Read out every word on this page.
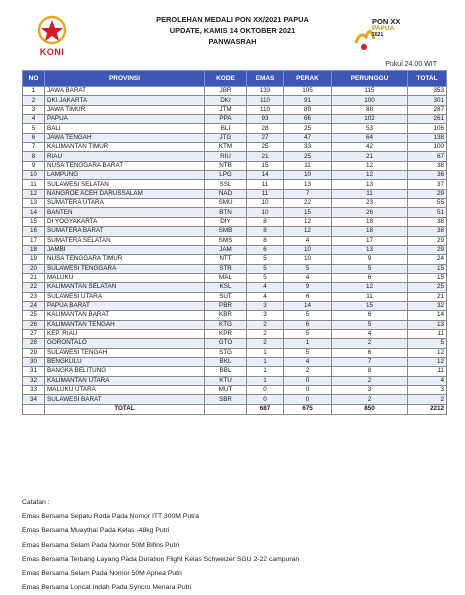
KONI
PEROLEHAN MEDALI PON XX/2021 PAPUA
UPDATE, KAMIS 14 OKTOBER 2021
PANWASRAH
PON XX
PAPUA
2021
Pukul 24.00 WIT
NO	PROVINSI	KODE	EMAS	PERAK	PERUNGGU	TOTAL
1	JAWA BARAT	JBR	133	105	115	353
2	DKI JAKARTA	DKI	110	91	100	301
3	JAWA TIMUR	JTM	110	89	88	287
4	PAPUA	PPA	93	66	102	261
5	BALI	BLI	28	25	53	106
6	JAWA TENGAH	JTG	27	47	64	138
7	KALIMANTAN TIMUR	KTM	25	33	42	100
8	RIAU	RIU	21	25	21	67
9	NUSA TENGGARA BARAT	NTB	15	11	12	38
10	LAMPUNG	LPG	14	10	12	36
11	SULAWESI SELATAN	SSL	11	13	13	37
12	NANGROE ACEH DARUSSALAM	NAD	11	7	11	29
13	SUMATERA UTARA	SMU	10	22	23	55
14	BANTEN	BTN	10	15	26	51
15	DI YOGYAKARTA	DIY	8	12	18	38
16	SUMATERA BARAT	SMB	8	12	18	38
17	SUMATERA SELATAN	SMS	8	4	17	29
18	JAMBI	JAM	6	10	13	29
19	NUSA TENGGARA TIMUR	NTT	5	10	9	24
20	SULAWESI TENGGARA	STR	5	5	5	15
21	MALUKU	MAL	5	4	6	15
22	KALIMANTAN SELATAN	KSL	4	9	12	25
23	SULAWESI UTARA	SUT	4	6	11	21
24	PAPUA BARAT	PBR	3	14	15	32
25	KALIMANTAN BARAT	KBR	3	5	6	14
26	KALIMANTAN TENGAH	KTG	2	6	5	13
27	KEP. RIAU	KPR	2	5	4	11
28	GORONTALO	GTO	2	1	2	5
29	SULAWESI TENGAH	STG	1	5	6	12
30	BENGKULU	BKL	1	4	7	12
31	BANGKA BELITUNG	BBL	1	2	8	11
32	KALIMANTAN UTARA	KTU	1	0	2	4
33	MALUKU UTARA	MUT	0	0	3	3
34	SULAWESI BARAT	SBR	0	0	2	2
	TOTAL		687	675	850	2212
Catatan :
Emas Bersama Sepatu Roda Pada Nomor ITT 300M Putra
Emas Bersama Muaythai Pada Kelas -48kg Putri
Emas Bersama Selam Pada Nomor 50M Bifins Putri
Emas Bersama Terbang Layang Pada Duration Flight Kelas Schweizer SGU 2-22 campuran
Emas Bersama Selam Pada Nomor 50M Apnea Putri
Emas Bersama Loncat Indah Pada Syncro Menara Putri
